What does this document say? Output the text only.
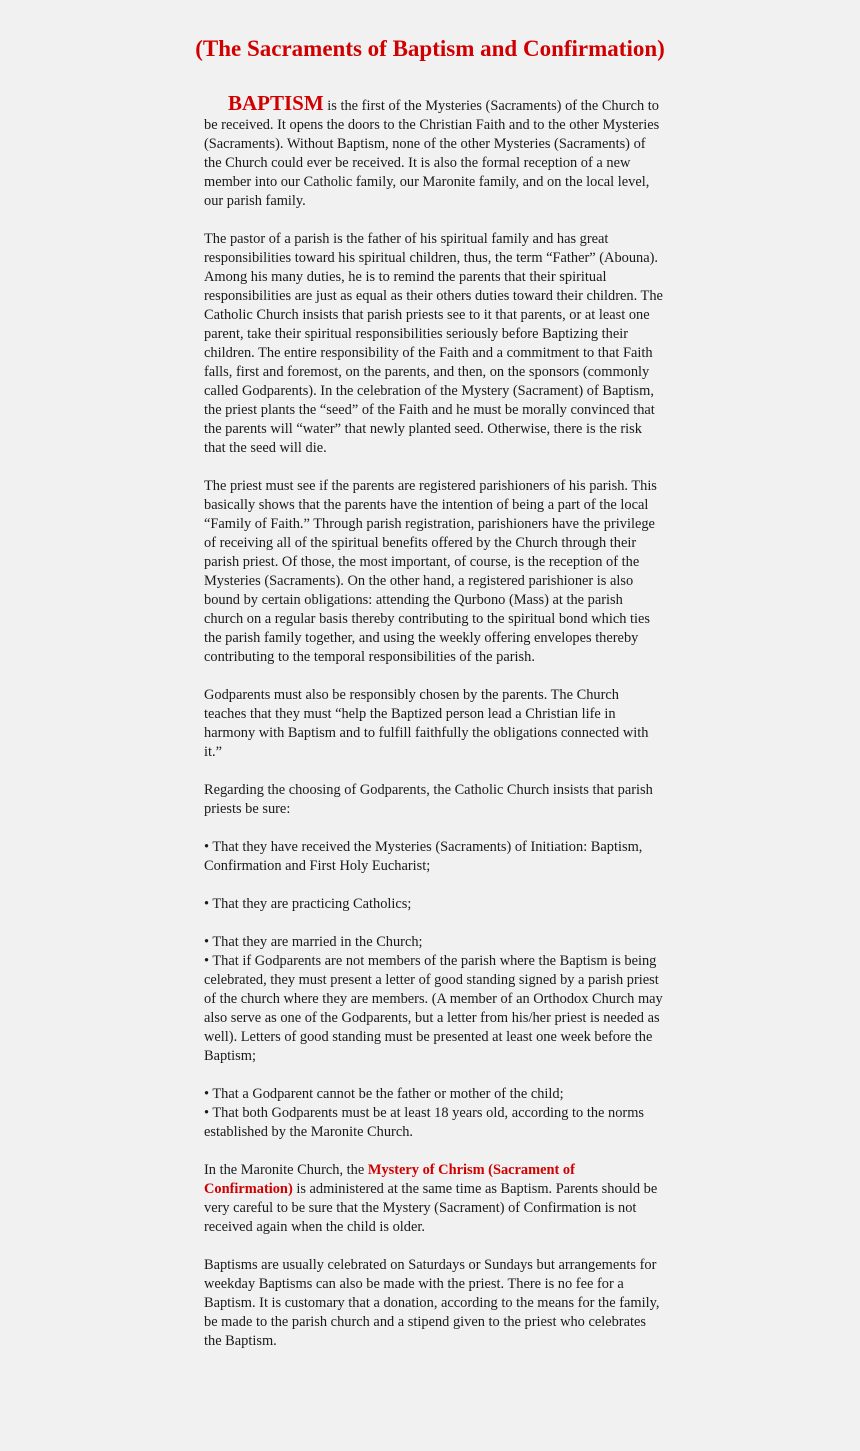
(The Sacraments of Baptism and Confirmation)

BAPTISM is the first of the Mysteries (Sacraments) of the Church to be received. It opens the doors to the Christian Faith and to the other Mysteries (Sacraments). Without Baptism, none of the other Mysteries (Sacraments) of the Church could ever be received. It is also the formal reception of a new member into our Catholic family, our Maronite family, and on the local level, our parish family.

The pastor of a parish is the father of his spiritual family and has great responsibilities toward his spiritual children, thus, the term “Father” (Abouna). Among his many duties, he is to remind the parents that their spiritual responsibilities are just as equal as their others duties toward their children. The Catholic Church insists that parish priests see to it that parents, or at least one parent, take their spiritual responsibilities seriously before Baptizing their children. The entire responsibility of the Faith and a commitment to that Faith falls, first and foremost, on the parents, and then, on the sponsors (commonly called Godparents). In the celebration of the Mystery (Sacrament) of Baptism, the priest plants the “seed” of the Faith and he must be morally convinced that the parents will “water” that newly planted seed. Otherwise, there is the risk that the seed will die.

The priest must see if the parents are registered parishioners of his parish. This basically shows that the parents have the intention of being a part of the local “Family of Faith.” Through parish registration, parishioners have the privilege of receiving all of the spiritual benefits offered by the Church through their parish priest. Of those, the most important, of course, is the reception of the Mysteries (Sacraments). On the other hand, a registered parishioner is also bound by certain obligations: attending the Qurbono (Mass) at the parish church on a regular basis thereby contributing to the spiritual bond which ties the parish family together, and using the weekly offering envelopes thereby contributing to the temporal responsibilities of the parish.

Godparents must also be responsibly chosen by the parents. The Church teaches that they must “help the Baptized person lead a Christian life in harmony with Baptism and to fulfill faithfully the obligations connected with it.”

Regarding the choosing of Godparents, the Catholic Church insists that parish priests be sure:

• That they have received the Mysteries (Sacraments) of Initiation: Baptism, Confirmation and First Holy Eucharist;

• That they are practicing Catholics;

• That they are married in the Church;

• That if Godparents are not members of the parish where the Baptism is being celebrated, they must present a letter of good standing signed by a parish priest of the church where they are members. (A member of an Orthodox Church may also serve as one of the Godparents, but a letter from his/her priest is needed as well). Letters of good standing must be presented at least one week before the Baptism;

• That a Godparent cannot be the father or mother of the child;

• That both Godparents must be at least 18 years old, according to the norms established by the Maronite Church.

In the Maronite Church, the Mystery of Chrism (Sacrament of Confirmation) is administered at the same time as Baptism. Parents should be very careful to be sure that the Mystery (Sacrament) of Confirmation is not received again when the child is older.

Baptisms are usually celebrated on Saturdays or Sundays but arrangements for weekday Baptisms can also be made with the priest. There is no fee for a Baptism. It is customary that a donation, according to the means for the family, be made to the parish church and a stipend given to the priest who celebrates the Baptism.
